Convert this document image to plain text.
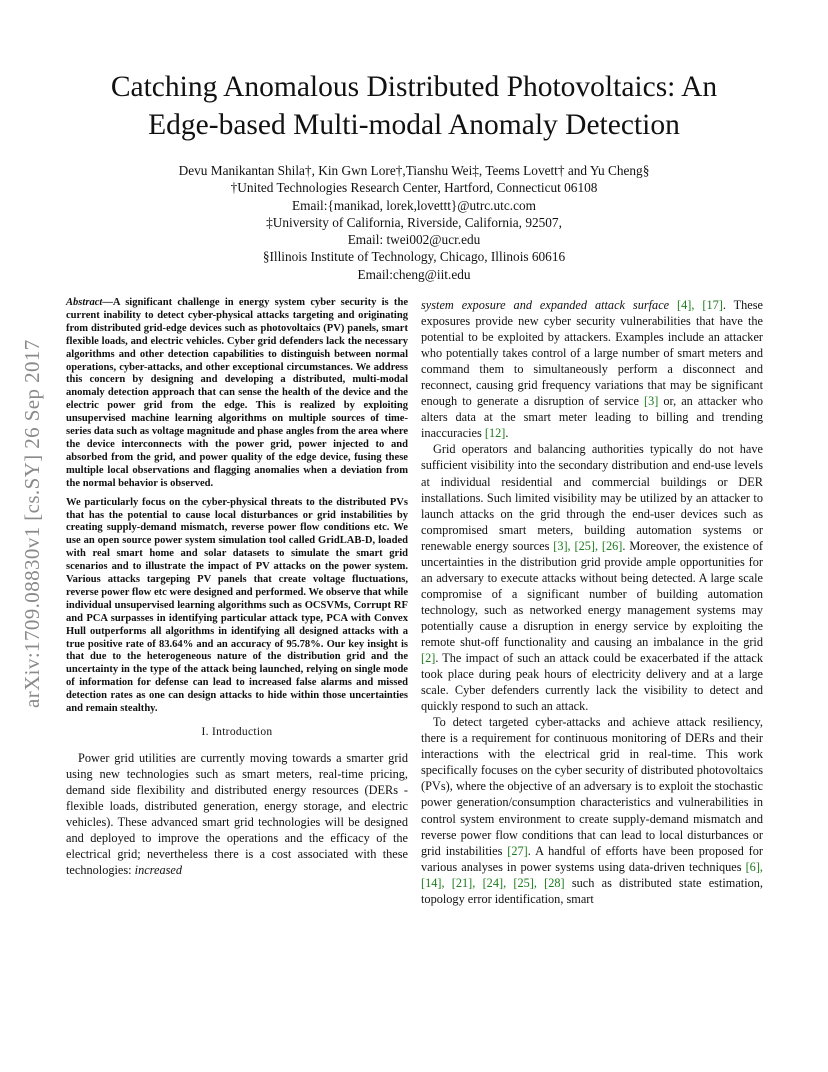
arXiv:1709.08830v1 [cs.SY] 26 Sep 2017
Catching Anomalous Distributed Photovoltaics: An
Edge-based Multi-modal Anomaly Detection
Devu Manikantan Shila†, Kin Gwn Lore†,Tianshu Wei‡, Teems Lovett† and Yu Cheng§
†United Technologies Research Center, Hartford, Connecticut 06108
Email:{manikad, lorek,lovettt}@utrc.utc.com
‡University of California, Riverside, California, 92507,
Email: twei002@ucr.edu
§Illinois Institute of Technology, Chicago, Illinois 60616
Email:cheng@iit.edu

Abstract—A significant challenge in energy system cyber security is the current inability to detect cyber-physical attacks targeting and originating from distributed grid-edge devices such as photovoltaics (PV) panels, smart flexible loads, and electric vehicles. Cyber grid defenders lack the necessary algorithms and other detection capabilities to distinguish between normal operations, cyber-attacks, and other exceptional circumstances. We address this concern by designing and developing a distributed, multi-modal anomaly detection approach that can sense the health of the device and the electric power grid from the edge. This is realized by exploiting unsupervised machine learning algorithms on multiple sources of time-series data such as voltage magnitude and phase angles from the area where the device interconnects with the power grid, power injected to and absorbed from the grid, and power quality of the edge device, fusing these multiple local observations and flagging anomalies when a deviation from the normal behavior is observed.

We particularly focus on the cyber-physical threats to the distributed PVs that has the potential to cause local disturbances or grid instabilities by creating supply-demand mismatch, reverse power flow conditions etc. We use an open source power system simulation tool called GridLAB-D, loaded with real smart home and solar datasets to simulate the smart grid scenarios and to illustrate the impact of PV attacks on the power system. Various attacks targeping PV panels that create voltage fluctuations, reverse power flow etc were designed and performed. We observe that while individual unsupervised learning algorithms such as OCSVMs, Corrupt RF and PCA surpasses in identifying particular attack type, PCA with Convex Hull outperforms all algorithms in identifying all designed attacks with a true positive rate of 83.64% and an accuracy of 95.78%. Our key insight is that due to the heterogeneous nature of the distribution grid and the uncertainty in the type of the attack being launched, relying on single mode of information for defense can lead to increased false alarms and missed detection rates as one can design attacks to hide within those uncertainties and remain stealthy.

I. Introduction

Power grid utilities are currently moving towards a smarter grid using new technologies such as smart meters, real-time pricing, demand side flexibility and distributed energy resources (DERs - flexible loads, distributed generation, energy storage, and electric vehicles). These advanced smart grid technologies will be designed and deployed to improve the operations and the efficacy of the electrical grid; nevertheless there is a cost associated with these technologies: increased

system exposure and expanded attack surface [4], [17]. These exposures provide new cyber security vulnerabilities that have the potential to be exploited by attackers. Examples include an attacker who potentially takes control of a large number of smart meters and command them to simultaneously perform a disconnect and reconnect, causing grid frequency variations that may be significant enough to generate a disruption of service [3] or, an attacker who alters data at the smart meter leading to billing and trending inaccuracies [12].

Grid operators and balancing authorities typically do not have sufficient visibility into the secondary distribution and end-use levels at individual residential and commercial buildings or DER installations. Such limited visibility may be utilized by an attacker to launch attacks on the grid through the end-user devices such as compromised smart meters, building automation systems or renewable energy sources [3], [25], [26]. Moreover, the existence of uncertainties in the distribution grid provide ample opportunities for an adversary to execute attacks without being detected. A large scale compromise of a significant number of building automation technology, such as networked energy management systems may potentially cause a disruption in energy service by exploiting the remote shut-off functionality and causing an imbalance in the grid [2]. The impact of such an attack could be exacerbated if the attack took place during peak hours of electricity delivery and at a large scale. Cyber defenders currently lack the visibility to detect and quickly respond to such an attack.

To detect targeted cyber-attacks and achieve attack resiliency, there is a requirement for continuous monitoring of DERs and their interactions with the electrical grid in real-time. This work specifically focuses on the cyber security of distributed photovoltaics (PVs), where the objective of an adversary is to exploit the stochastic power generation/consumption characteristics and vulnerabilities in control system environment to create supply-demand mismatch and reverse power flow conditions that can lead to local disturbances or grid instabilities [27]. A handful of efforts have been proposed for various analyses in power systems using data-driven techniques [6], [14], [21], [24], [25], [28] such as distributed state estimation, topology error identification, smart
